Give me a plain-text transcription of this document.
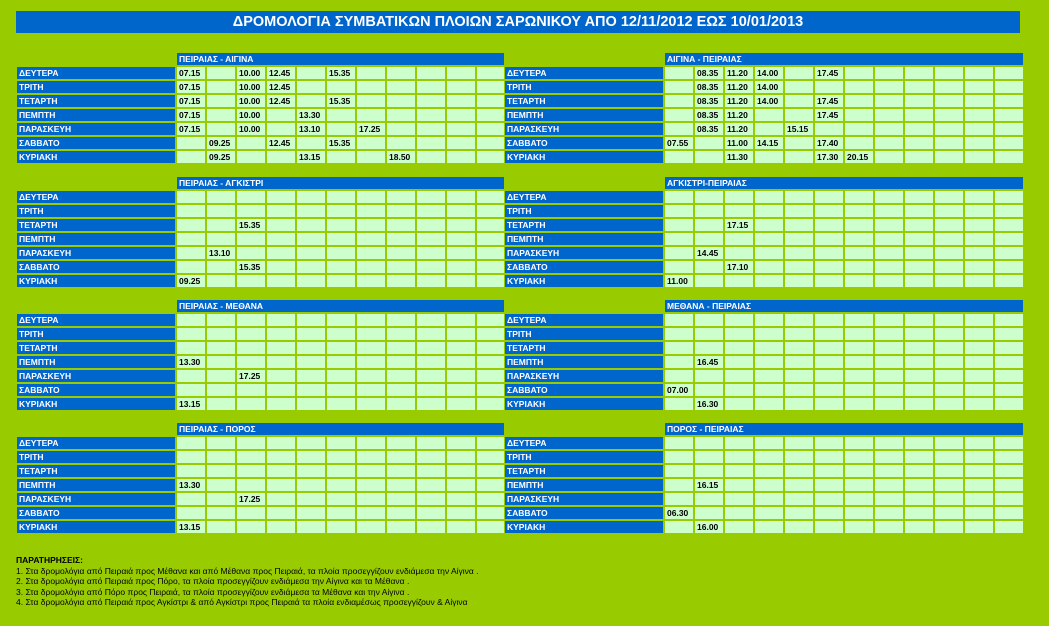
ΔΡΟΜΟΛΟΓΙΑ ΣΥΜΒΑΤΙΚΩΝ ΠΛΟΙΩΝ ΣΑΡΩΝΙΚΟΥ ΑΠΟ 12/11/2012 ΕΩΣ 10/01/2013
	ΠΕΙΡΑΙΑΣ - ΑΙΓΙΝΑ										
ΔΕΥΤΕΡΑ	07.15		10.00	12.45		15.35					
ΤΡΙΤΗ	07.15		10.00	12.45							
ΤΕΤΑΡΤΗ	07.15		10.00	12.45		15.35					
ΠΕΜΠΤΗ	07.15		10.00		13.30						
ΠΑΡΑΣΚΕΥΗ	07.15		10.00		13.10		17.25				
ΣΑΒΒΑΤΟ		09.25		12.45		15.35					
ΚΥΡΙΑΚΗ		09.25			13.15			18.50			
	ΑΙΓΙΝΑ - ΠΕΙΡΑΙΑΣ											
ΔΕΥΤΕΡΑ		08.35	11.20	14.00		17.45						
ΤΡΙΤΗ		08.35	11.20	14.00								
ΤΕΤΑΡΤΗ		08.35	11.20	14.00		17.45						
ΠΕΜΠΤΗ		08.35	11.20			17.45						
ΠΑΡΑΣΚΕΥΗ		08.35	11.20		15.15							
ΣΑΒΒΑΤΟ	07.55		11.00	14.15		17.40						
ΚΥΡΙΑΚΗ			11.30			17.30	20.15					
	ΠΕΙΡΑΙΑΣ - ΑΓΚΙΣΤΡΙ										
ΔΕΥΤΕΡΑ											
ΤΡΙΤΗ											
ΤΕΤΑΡΤΗ			15.35								
ΠΕΜΠΤΗ											
ΠΑΡΑΣΚΕΥΗ		13.10									
ΣΑΒΒΑΤΟ			15.35								
ΚΥΡΙΑΚΗ	09.25										
	ΑΓΚΙΣΤΡΙ-ΠΕΙΡΑΙΑΣ											
ΔΕΥΤΕΡΑ												
ΤΡΙΤΗ												
ΤΕΤΑΡΤΗ			17.15									
ΠΕΜΠΤΗ												
ΠΑΡΑΣΚΕΥΗ		14.45										
ΣΑΒΒΑΤΟ			17.10									
ΚΥΡΙΑΚΗ	11.00											
	ΠΕΙΡΑΙΑΣ - ΜΕΘΑΝΑ										
ΔΕΥΤΕΡΑ											
ΤΡΙΤΗ											
ΤΕΤΑΡΤΗ											
ΠΕΜΠΤΗ	13.30										
ΠΑΡΑΣΚΕΥΗ			17.25								
ΣΑΒΒΑΤΟ											
ΚΥΡΙΑΚΗ	13.15										
	ΜΕΘΑΝΑ - ΠΕΙΡΑΙΑΣ											
ΔΕΥΤΕΡΑ												
ΤΡΙΤΗ												
ΤΕΤΑΡΤΗ												
ΠΕΜΠΤΗ		16.45										
ΠΑΡΑΣΚΕΥΗ												
ΣΑΒΒΑΤΟ	07.00											
ΚΥΡΙΑΚΗ		16.30										
	ΠΕΙΡΑΙΑΣ - ΠΟΡΟΣ										
ΔΕΥΤΕΡΑ											
ΤΡΙΤΗ											
ΤΕΤΑΡΤΗ											
ΠΕΜΠΤΗ	13.30										
ΠΑΡΑΣΚΕΥΗ			17.25								
ΣΑΒΒΑΤΟ											
ΚΥΡΙΑΚΗ	13.15										
	ΠΟΡΟΣ - ΠΕΙΡΑΙΑΣ											
ΔΕΥΤΕΡΑ												
ΤΡΙΤΗ												
ΤΕΤΑΡΤΗ												
ΠΕΜΠΤΗ		16.15										
ΠΑΡΑΣΚΕΥΗ												
ΣΑΒΒΑΤΟ	06.30											
ΚΥΡΙΑΚΗ		16.00										
ΠΑΡΑΤΗΡΗΣΕΙΣ:
1. Στα δρομολόγια από Πειραιά προς Μέθανα και από Μέθανα προς Πειραιά, τα πλοία προσεγγίζουν ενδιάμεσα την Αίγινα .
2. Στα δρομολόγια από Πειραιά προς Πόρο, τα πλοία προσεγγίζουν ενδιάμεσα την Αίγινα και τα Μέθανα .
3. Στα δρομολόγια από Πόρο προς Πειραιά, τα πλοία προσεγγίζουν ενδιάμεσα τα Μέθανα και την Αίγινα .
4. Στα δρομολόγια από Πειραιά προς Αγκίστρι & από Αγκίστρι προς Πειραιά τα πλοία ενδιαμέσως προσεγγίζουν & Αίγινα
